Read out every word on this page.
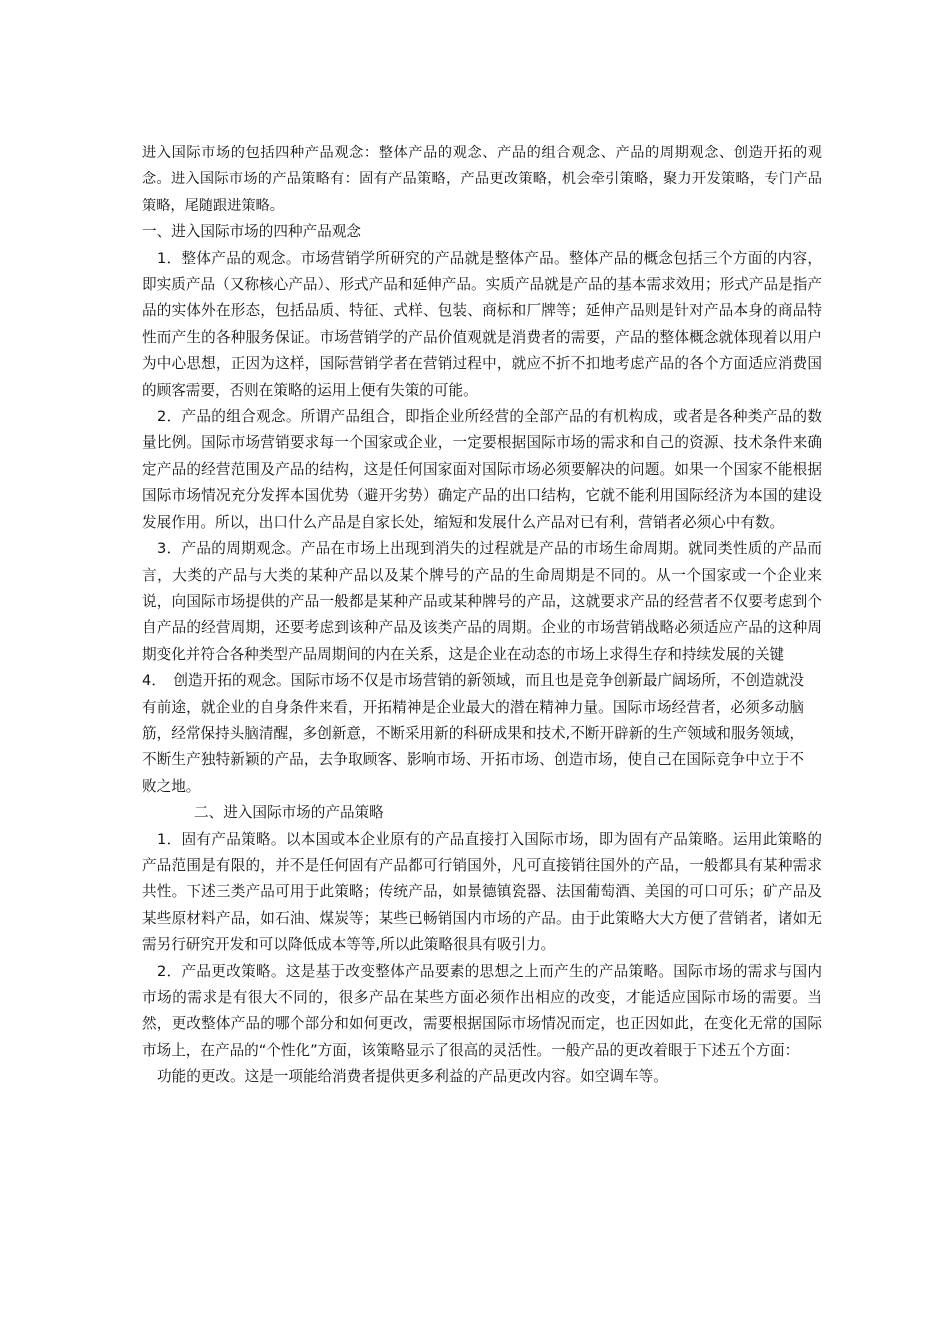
进入国际市场的包括四种产品观念：整体产品的观念、产品的组合观念、产品的周期观念、创造开拓的观念。进入国际市场的产品策略有：固有产品策略，产品更改策略，机会牵引策略，聚力开发策略，专门产品策略，尾随跟进策略。

一、进入国际市场的四种产品观念

1．整体产品的观念。市场营销学所研究的产品就是整体产品。整体产品的概念包括三个方面的内容，即实质产品（又称核心产品）、形式产品和延伸产品。实质产品就是产品的基本需求效用；形式产品是指产品的实体外在形态，包括品质、特征、式样、包装、商标和厂牌等；延伸产品则是针对产品本身的商品特性而产生的各种服务保证。市场营销学的产品价值观就是消费者的需要，产品的整体概念就体现着以用户为中心思想，正因为这样，国际营销学者在营销过程中，就应不折不扣地考虑产品的各个方面适应消费国的顾客需要，否则在策略的运用上便有失策的可能。

2．产品的组合观念。所谓产品组合，即指企业所经营的全部产品的有机构成，或者是各种类产品的数量比例。国际市场营销要求每一个国家或企业，一定要根据国际市场的需求和自己的资源、技术条件来确定产品的经营范围及产品的结构，这是任何国家面对国际市场必须要解决的问题。如果一个国家不能根据国际市场情况充分发挥本国优势（避开劣势）确定产品的出口结构，它就不能利用国际经济为本国的建设发展作用。所以，出口什么产品是自家长处，缩短和发展什么产品对已有利，营销者必须心中有数。

3．产品的周期观念。产品在市场上出现到消失的过程就是产品的市场生命周期。就同类性质的产品而言，大类的产品与大类的某种产品以及某个牌号的产品的生命周期是不同的。从一个国家或一个企业来说，向国际市场提供的产品一般都是某种产品或某种牌号的产品，这就要求产品的经营者不仅要考虑到个自产品的经营周期，还要考虑到该种产品及该类产品的周期。企业的市场营销战略必须适应产品的这种周期变化并符合各种类型产品周期间的内在关系，这是企业在动态的市场上求得生存和持续发展的关键

4．　创造开拓的观念。国际市场不仅是市场营销的新领域，而且也是竞争创新最广阔场所，不创造就没有前途，就企业的自身条件来看，开拓精神是企业最大的潜在精神力量。国际市场经营者，必须多动脑筋，经常保持头脑清醒，多创新意，不断采用新的科研成果和技术,不断开辟新的生产领域和服务领域，不断生产独特新颖的产品，去争取顾客、影响市场、开拓市场、创造市场，使自己在国际竞争中立于不败之地。

二、进入国际市场的产品策略

1．固有产品策略。以本国或本企业原有的产品直接打入国际市场，即为固有产品策略。运用此策略的产品范围是有限的，并不是任何固有产品都可行销国外，凡可直接销往国外的产品，一般都具有某种需求共性。下述三类产品可用于此策略；传统产品，如景德镇瓷器、法国葡萄酒、美国的可口可乐；矿产品及某些原材料产品，如石油、煤炭等；某些已畅销国内市场的产品。由于此策略大大方便了营销者，诸如无需另行研究开发和可以降低成本等等,所以此策略很具有吸引力。

2．产品更改策略。这是基于改变整体产品要素的思想之上而产生的产品策略。国际市场的需求与国内市场的需求是有很大不同的，很多产品在某些方面必须作出相应的改变，才能适应国际市场的需要。当然，更改整体产品的哪个部分和如何更改，需要根据国际市场情况而定，也正因如此，在变化无常的国际市场上，在产品的“个性化”方面，该策略显示了很高的灵活性。一般产品的更改着眼于下述五个方面：

功能的更改。这是一项能给消费者提供更多利益的产品更改内容。如空调车等。
